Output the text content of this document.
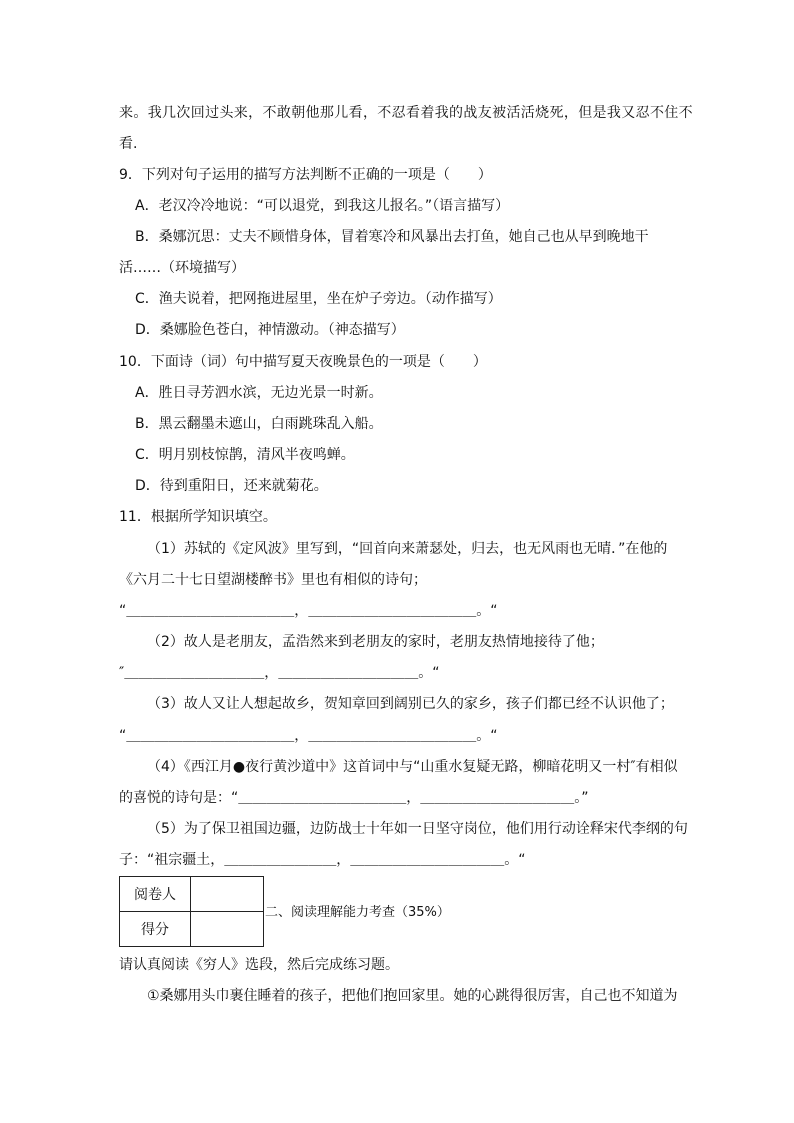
来。我几次回过头来，不敢朝他那儿看，不忍看着我的战友被活活烧死，但是我又忍不住不
看.
9．下列对句子运用的描写方法判断不正确的一项是（　　）
A．老汉冷冷地说：“可以退党，到我这儿报名。”（语言描写）
B．桑娜沉思：丈夫不顾惜身体，冒着寒冷和风暴出去打鱼，她自己也从早到晚地干
活……（环境描写）
C．渔夫说着，把网拖进屋里，坐在炉子旁边。（动作描写）
D．桑娜脸色苍白，神情激动。（神态描写）
10．下面诗（词）句中描写夏天夜晚景色的一项是（　　）
A．胜日寻芳泗水滨，无边光景一时新。
B．黑云翻墨未遮山，白雨跳珠乱入船。
C．明月别枝惊鹊，清风半夜鸣蝉。
D．待到重阳日，还来就菊花。
11．根据所学知识填空。
（1）苏轼的《定风波》里写到，“回首向来萧瑟处，归去，也无风雨也无晴．”在他的
《六月二十七日望湖楼醉书》里也有相似的诗句；
“＿＿＿＿＿＿＿＿＿＿＿＿，＿＿＿＿＿＿＿＿＿＿＿＿。“
（2）故人是老朋友，孟浩然来到老朋友的家时，老朋友热情地接待了他；
″＿＿＿＿＿＿＿＿＿＿，＿＿＿＿＿＿＿＿＿＿。“
（3）故人又让人想起故乡，贺知章回到阔别已久的家乡，孩子们都已经不认识他了；
“＿＿＿＿＿＿＿＿＿＿＿＿，＿＿＿＿＿＿＿＿＿＿＿＿。“
（4）《西江月●夜行黄沙道中》这首词中与“山重水复疑无路，柳暗花明又一村″有相似
的喜悦的诗句是：“＿＿＿＿＿＿＿＿＿＿＿＿，＿＿＿＿＿＿＿＿＿＿＿。”
（5）为了保卫祖国边疆，边防战士十年如一日坚守岗位，他们用行动诠释宋代李纲的句
子：“祖宗疆土，＿＿＿＿＿＿＿＿，＿＿＿＿＿＿＿＿＿＿＿。“
阅卷人	
得分	
二、阅读理解能力考查（35%）
请认真阅读《穷人》选段，然后完成练习题。
①桑娜用头巾裹住睡着的孩子，把他们抱回家里。她的心跳得很厉害，自己也不知道为
